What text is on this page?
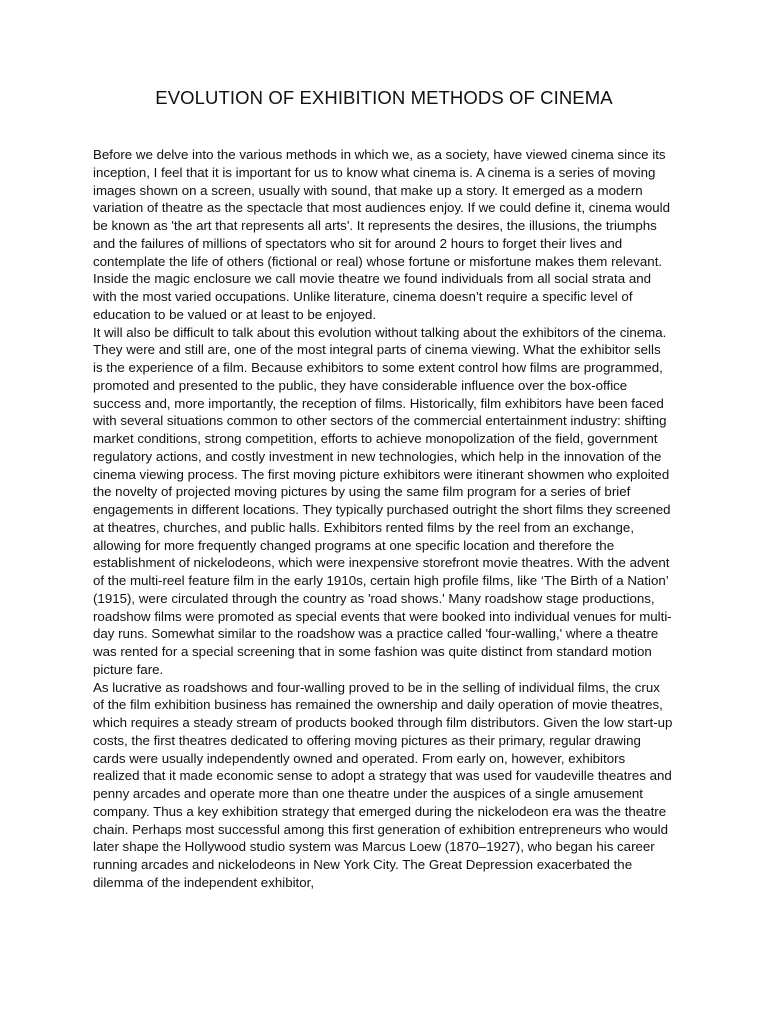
EVOLUTION OF EXHIBITION METHODS OF CINEMA

Before we delve into the various methods in which we, as a society, have viewed cinema since its inception, I feel that it is important for us to know what cinema is. A cinema is a series of moving images shown on a screen, usually with sound, that make up a story. It emerged as a modern variation of theatre as the spectacle that most audiences enjoy. If we could define it, cinema would be known as 'the art that represents all arts'. It represents the desires, the illusions, the triumphs and the failures of millions of spectators who sit for around 2 hours to forget their lives and contemplate the life of others (fictional or real) whose fortune or misfortune makes them relevant. Inside the magic enclosure we call movie theatre we found individuals from all social strata and with the most varied occupations. Unlike literature, cinema doesn’t require a specific level of education to be valued or at least to be enjoyed.

It will also be difficult to talk about this evolution without talking about the exhibitors of the cinema. They were and still are, one of the most integral parts of cinema viewing. What the exhibitor sells is the experience of a film. Because exhibitors to some extent control how films are programmed, promoted and presented to the public, they have considerable influence over the box-office success and, more importantly, the reception of films. Historically, film exhibitors have been faced with several situations common to other sectors of the commercial entertainment industry: shifting market conditions, strong competition, efforts to achieve monopolization of the field, government regulatory actions, and costly investment in new technologies, which help in the innovation of the cinema viewing process. The first moving picture exhibitors were itinerant showmen who exploited the novelty of projected moving pictures by using the same film program for a series of brief engagements in different locations. They typically purchased outright the short films they screened at theatres, churches, and public halls. Exhibitors rented films by the reel from an exchange, allowing for more frequently changed programs at one specific location and therefore the establishment of nickelodeons, which were inexpensive storefront movie theatres. With the advent of the multi-reel feature film in the early 1910s, certain high profile films, like ‘The Birth of a Nation’ (1915), were circulated through the country as 'road shows.' Many roadshow stage productions, roadshow films were promoted as special events that were booked into individual venues for multi-day runs. Somewhat similar to the roadshow was a practice called 'four-walling,' where a theatre was rented for a special screening that in some fashion was quite distinct from standard motion picture fare.

As lucrative as roadshows and four-walling proved to be in the selling of individual films, the crux of the film exhibition business has remained the ownership and daily operation of movie theatres, which requires a steady stream of products booked through film distributors. Given the low start-up costs, the first theatres dedicated to offering moving pictures as their primary, regular drawing cards were usually independently owned and operated. From early on, however, exhibitors realized that it made economic sense to adopt a strategy that was used for vaudeville theatres and penny arcades and operate more than one theatre under the auspices of a single amusement company. Thus a key exhibition strategy that emerged during the nickelodeon era was the theatre chain. Perhaps most successful among this first generation of exhibition entrepreneurs who would later shape the Hollywood studio system was Marcus Loew (1870–1927), who began his career running arcades and nickelodeons in New York City. The Great Depression exacerbated the dilemma of the independent exhibitor,
